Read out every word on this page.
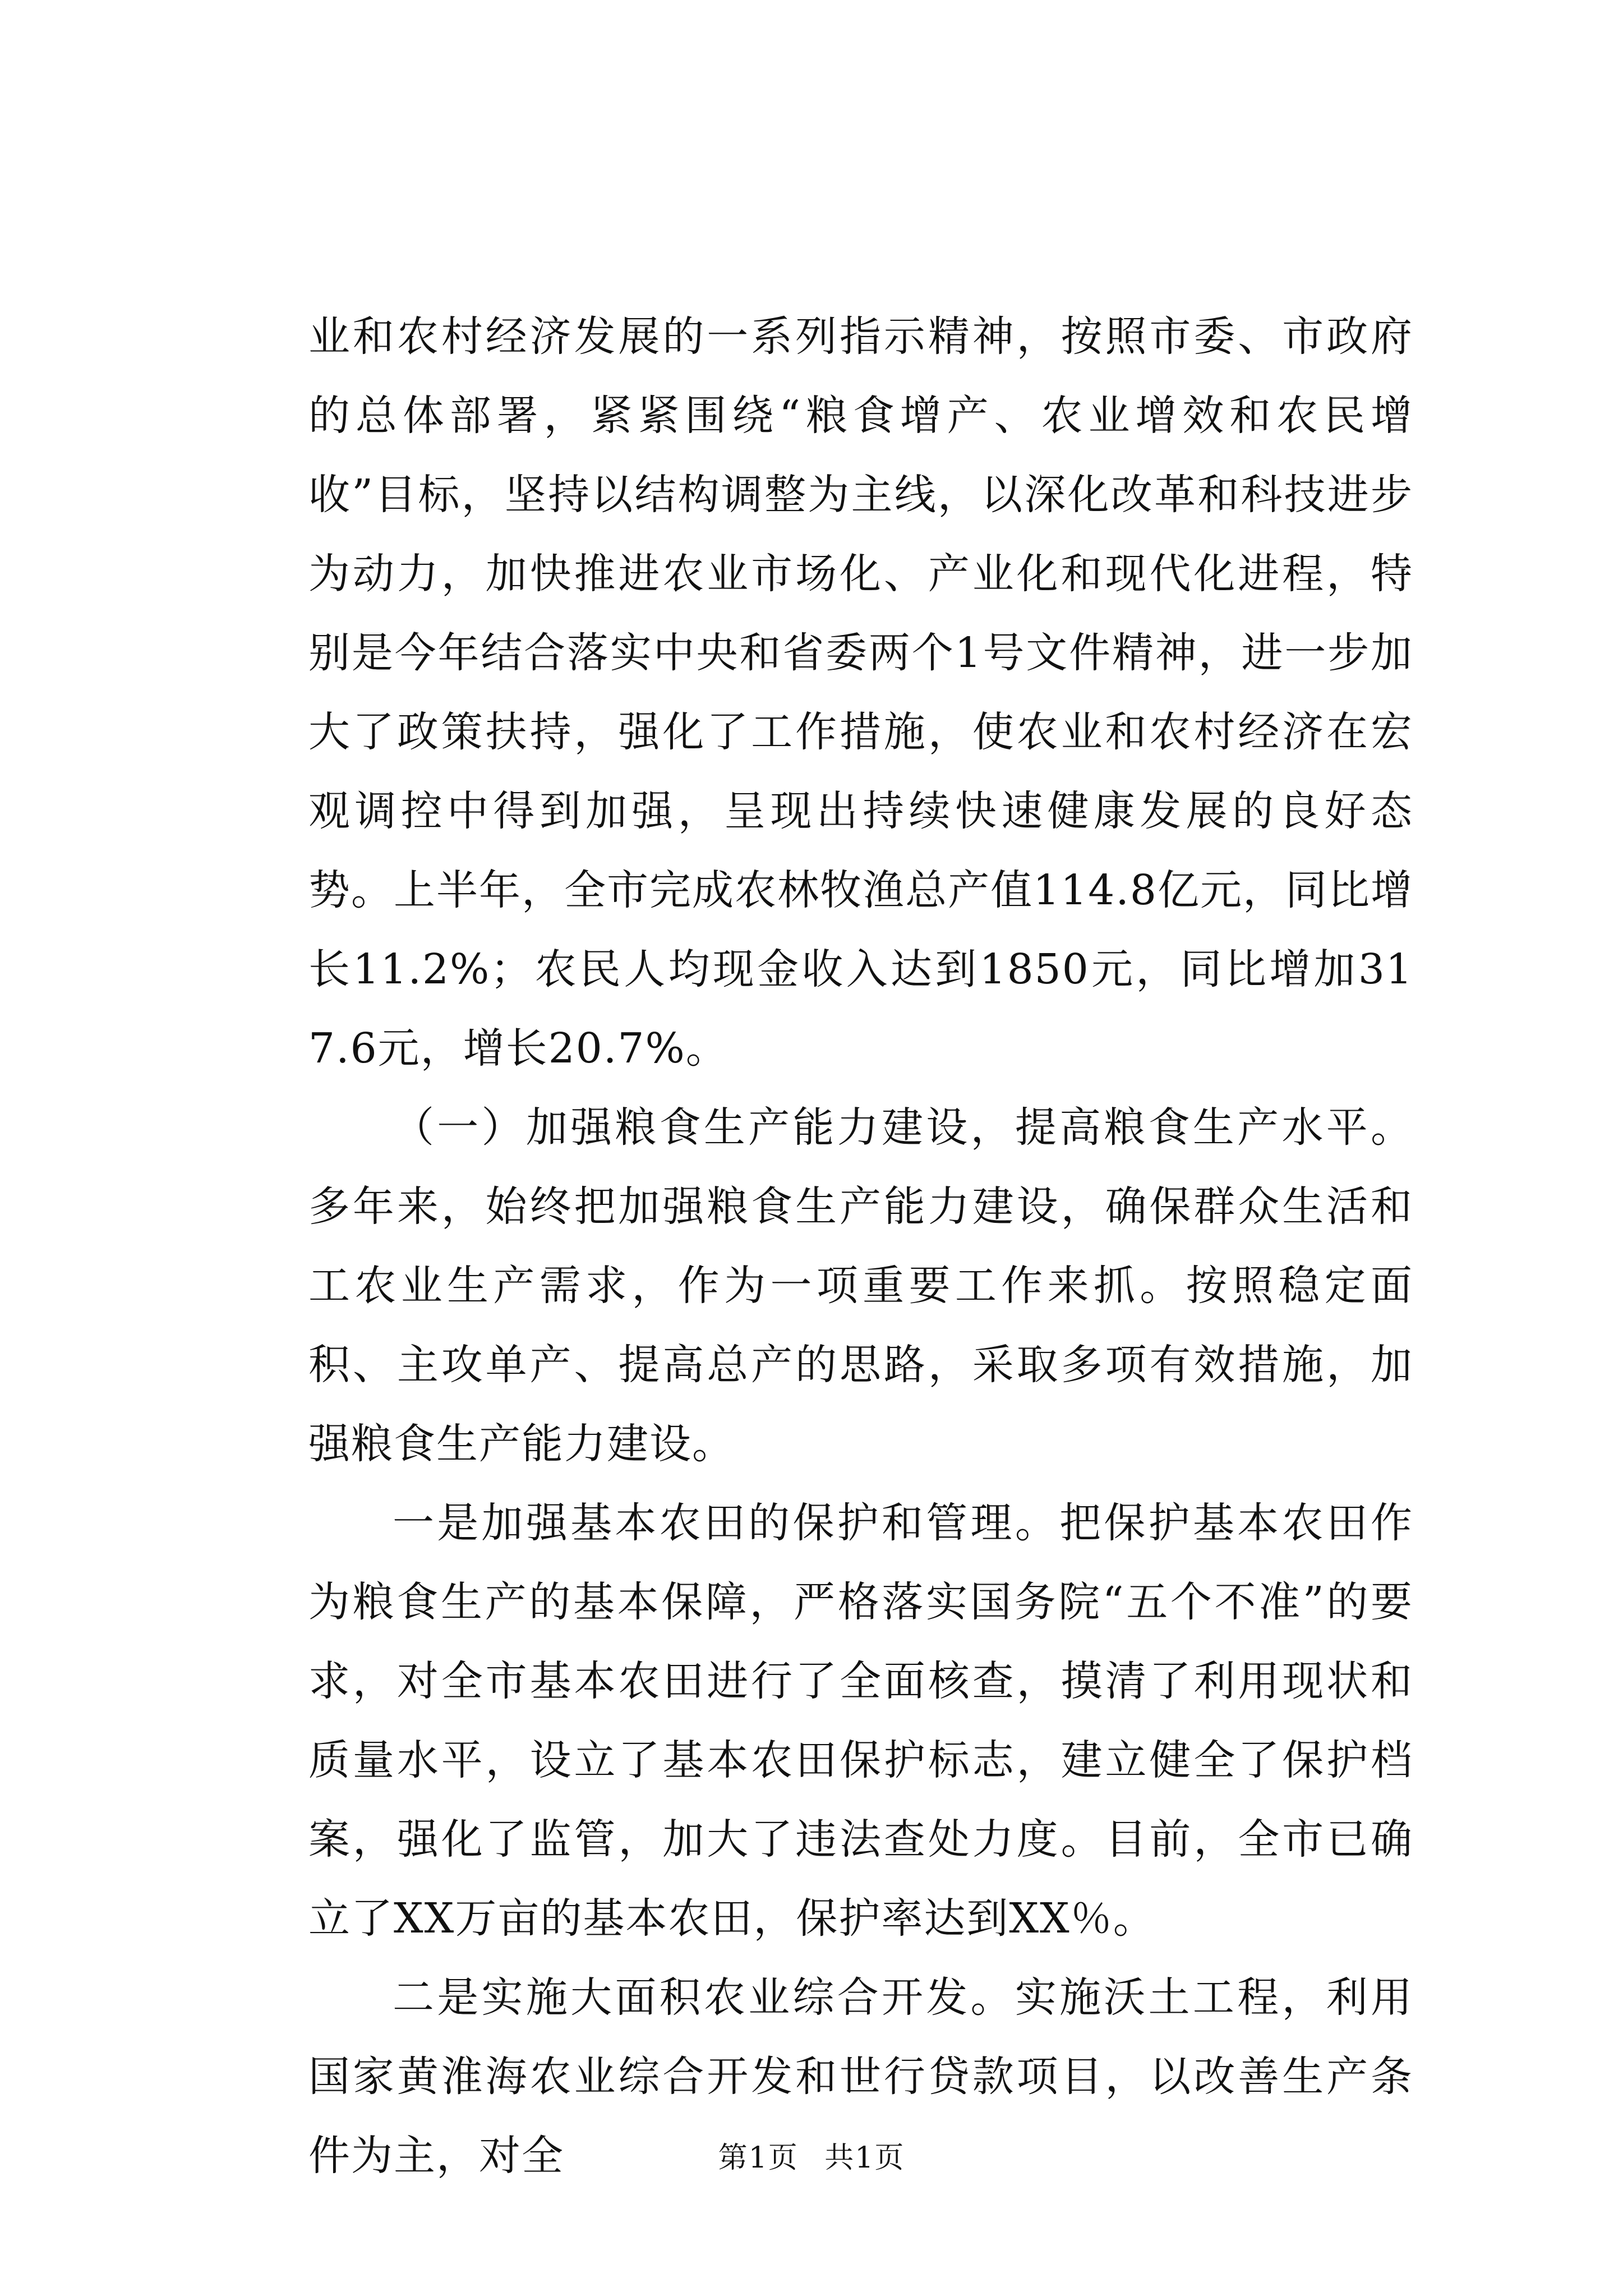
业和农村经济发展的一系列指示精神，按照市委、市政府的总体部署，紧紧围绕“粮食增产、农业增效和农民增收”目标，坚持以结构调整为主线，以深化改革和科技进步为动力，加快推进农业市场化、产业化和现代化进程，特别是今年结合落实中央和省委两个1号文件精神，进一步加大了政策扶持，强化了工作措施，使农业和农村经济在宏观调控中得到加强，呈现出持续快速健康发展的良好态势。上半年，全市完成农林牧渔总产值114.8亿元，同比增长11.2%；农民人均现金收入达到1850元，同比增加317.6元，增长20.7%。

（一）加强粮食生产能力建设，提高粮食生产水平。多年来，始终把加强粮食生产能力建设，确保群众生活和工农业生产需求，作为一项重要工作来抓。按照稳定面积、主攻单产、提高总产的思路，采取多项有效措施，加强粮食生产能力建设。

一是加强基本农田的保护和管理。把保护基本农田作为粮食生产的基本保障，严格落实国务院“五个不准”的要求，对全市基本农田进行了全面核查，摸清了利用现状和质量水平，设立了基本农田保护标志，建立健全了保护档案，强化了监管，加大了违法查处力度。目前，全市已确立了XX万亩的基本农田，保护率达到XX％。

二是实施大面积农业综合开发。实施沃土工程，利用国家黄淮海农业综合开发和世行贷款项目，以改善生产条件为主，对全	第1页 共1页
